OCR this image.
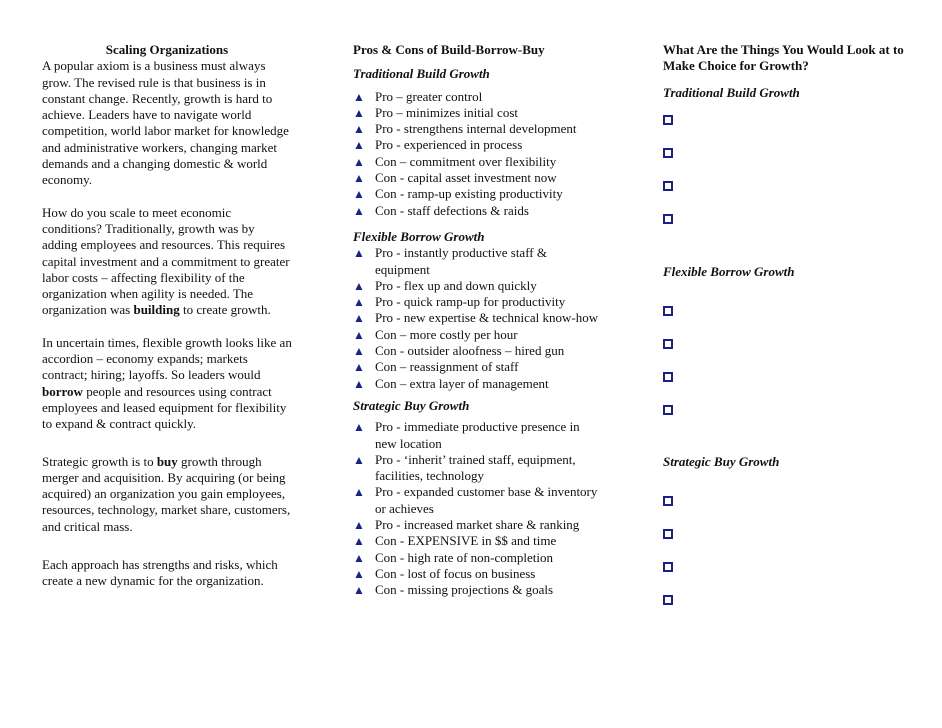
Scaling Organizations

A popular axiom is a business must always grow. The revised rule is that business is in constant change. Recently, growth is hard to achieve. Leaders have to navigate world competition, world labor market for knowledge and administrative workers, changing market demands and a changing domestic & world economy.

How do you scale to meet economic conditions? Traditionally, growth was by adding employees and resources. This requires capital investment and a commitment to greater labor costs – affecting flexibility of the organization when agility is needed. The organization was building to create growth.

In uncertain times, flexible growth looks like an accordion – economy expands; markets contract; hiring; layoffs. So leaders would borrow people and resources using contract employees and leased equipment for flexibility to expand & contract quickly.

Strategic growth is to buy growth through merger and acquisition. By acquiring (or being acquired) an organization you gain employees, resources, technology, market share, customers, and critical mass.

Each approach has strengths and risks, which create a new dynamic for the organization.

Pros & Cons of Build-Borrow-Buy

Traditional Build Growth

▲ Pro – greater control
▲ Pro – minimizes initial cost
▲ Pro - strengthens internal development
▲ Pro - experienced in process
▲ Con – commitment over flexibility
▲ Con - capital asset investment now
▲ Con - ramp-up existing productivity
▲ Con - staff defections & raids

Flexible Borrow Growth

▲ Pro - instantly productive staff & equipment
▲ Pro - flex up and down quickly
▲ Pro - quick ramp-up for productivity
▲ Pro - new expertise & technical know-how
▲ Con – more costly per hour
▲ Con - outsider aloofness – hired gun
▲ Con – reassignment of staff
▲ Con – extra layer of management

Strategic Buy Growth

▲ Pro - immediate productive presence in new location
▲ Pro - ‘inherit’ trained staff, equipment, facilities, technology
▲ Pro - expanded customer base & inventory or achieves
▲ Pro - increased market share & ranking
▲ Con - EXPENSIVE in $$ and time
▲ Con - high rate of non-completion
▲ Con - lost of focus on business
▲ Con - missing projections & goals

What Are the Things You Would Look at to Make Choice for Growth?

Traditional Build Growth

Flexible Borrow Growth

Strategic Buy Growth
